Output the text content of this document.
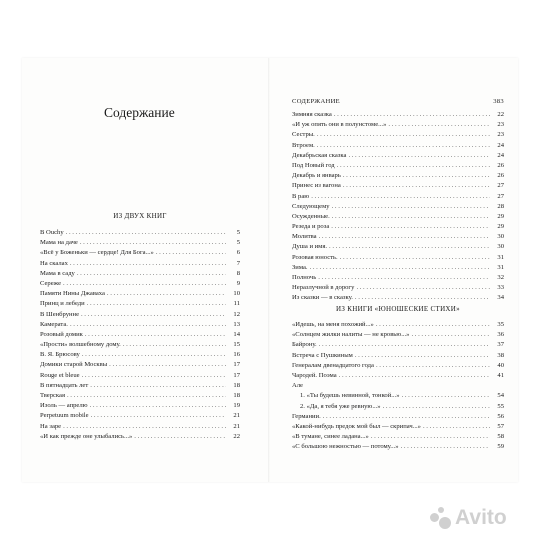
Содержание
ИЗ ДВУХ КНИГ
В Ouchy . . .	5
Мама на даче . . .	5
«Всё у Боженьки — сердце! Для Бога...» . . .	6
На скалах . . .	7
Мама в саду . . .	8
Сереже . . .	9
Памяти Нины Джаваха . . .	10
Принц и лебеди . . .	11
В Шенбрунне . . .	12
Камерата. . . .	13
Розовый домик . . .	14
«Прости» волшебному дому. . . .	15
В. Я. Брюсову . . .	16
Домики старой Москвы . . .	17
Rouge et bleue . . .	17
В пятнадцать лет . . .	18
Тверская . . .	18
Изоль — апрелю . . .	19
Perpetuum mobile . . .	21
На заре . . .	21
«И как прежде оне улыбались...» . . .	22
СОДЕРЖАНИЕ	383
Зимняя сказка . . .	22
«И уж опять они в полунстоме...» . . .	23
Сестры. . . .	23
Втроем. . . .	24
Декабрьская сказка . . .	24
Под Новый год . . .	26
Декабрь и январь . . .	26
Принес из вагона . . .	27
В раю . . .	27
Следующему . . .	28
Осужденные. . . .	29
Резеда и роза . . .	29
Молитва . . .	30
Душа и имя. . . .	30
Розовая юность. . . .	31
Зима. . . .	31
Полночь . . .	32
Неразлучной в дорогу . . .	33
Из сказки — в сказку. . . .	34
ИЗ КНИГИ «ЮНОШЕСКИЕ СТИХИ»
«Идешь, на меня похожий...» . . .	35
«Солнцем жилки налиты — не кровью...» . . .	36
Байрону. . . .	37
Встреча с Пушкиным . . .	38
Генералам двенадцатого года . . .	40
Чародей. Поэма . . .	41
Але
1. «Ты будешь невинной, тонкой...» . . .	54
2. «Да, я тебя уже ревную...» . . .	55
Германии. . . .	56
«Какой-нибудь предок мой был — скрипач...» . . .	57
«В тумане, синее ладана...» . . .	58
«С большою нежностью — потому...» . . .	59
Avito
